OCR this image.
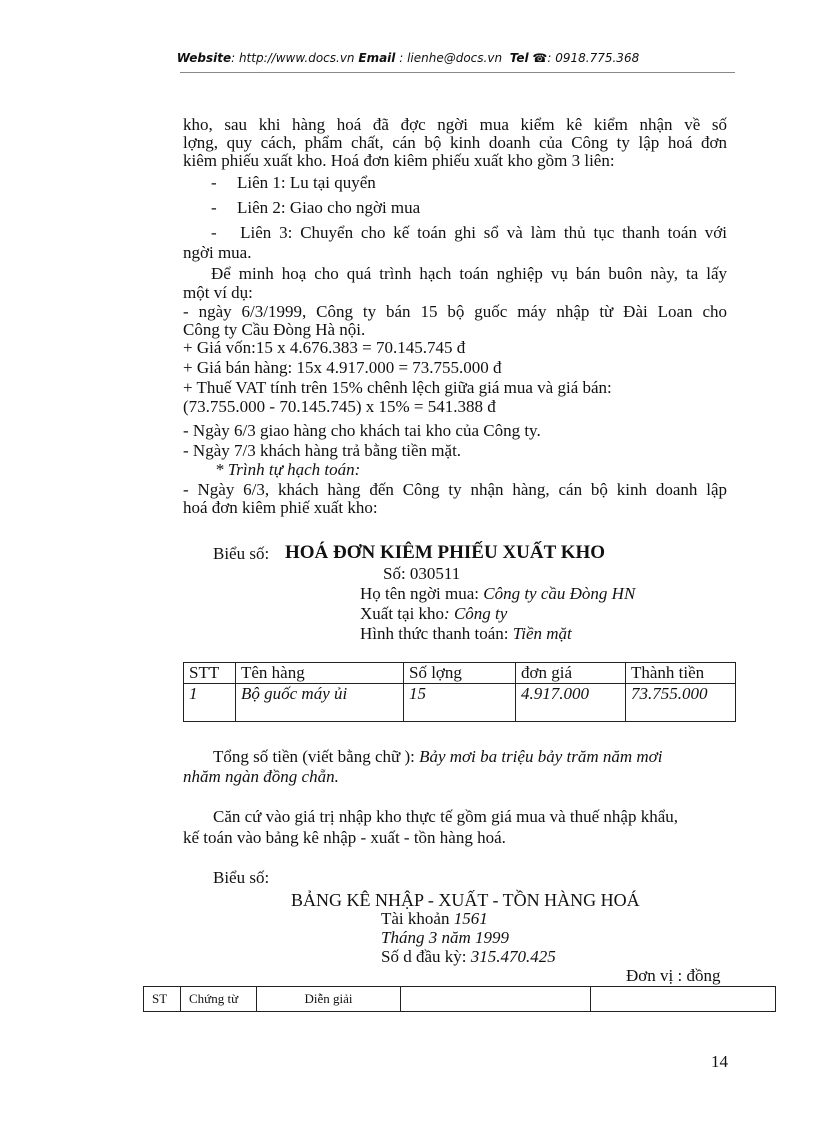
Website: http://www.docs.vn Email : lienhe@docs.vn Tel ☎: 0918.775.368
kho, sau khi hàng hoá đã đợc ngời mua kiểm kê kiểm nhận về số
lợng, quy cách, phẩm chất, cán bộ kinh doanh của Công ty lập hoá đơn
kiêm phiếu xuất kho. Hoá đơn kiêm phiếu xuất kho gồm 3 liên:
- Liên 1: Lu tại quyển
- Liên 2: Giao cho ngời mua
-   Liên 3: Chuyển cho kế toán ghi sổ và làm thủ tục thanh toán với
ngời mua.
Để minh hoạ cho quá trình hạch toán nghiệp vụ bán buôn này, ta lấy
một ví dụ:
- ngày 6/3/1999, Công ty bán 15 bộ guốc máy nhập từ Đài Loan cho
Công ty Cầu Đòng Hà nội.
+ Giá vốn:15 x 4.676.383 = 70.145.745 đ
+ Giá bán hàng: 15x 4.917.000 = 73.755.000 đ
+ Thuế VAT tính trên 15% chênh lệch giữa giá mua và giá bán:
(73.755.000 - 70.145.745) x 15% = 541.388 đ
- Ngày 6/3 giao hàng cho khách tai kho của Công ty.
- Ngày 7/3 khách hàng trả bằng tiền mặt.
* Trình tự hạch toán:
- Ngày 6/3, khách hàng đến Công ty nhận hàng, cán bộ kinh doanh lập
hoá đơn kiêm phiế xuất kho:
Biểu số: HOÁ ĐƠN KIÊM PHIẾU XUẤT KHO
Số: 030511
Họ tên ngời mua: Công ty cầu Đòng HN
Xuất tại kho: Công ty
Hình thức thanh toán: Tiền mặt
STT	Tên hàng	Số lợng	đơn giá	Thành tiền
1	Bộ guốc máy ủi	15	4.917.000	73.755.000
Tổng số tiền (viết bằng chữ ): Bảy mơi ba triệu bảy trăm năm mơi
nhăm ngàn đồng chẵn.
Căn cứ vào giá trị nhập kho thực tế gồm giá mua và thuế nhập khẩu,
kế toán vào bảng kê nhập - xuất - tồn hàng hoá.
Biểu số:
BẢNG KÊ NHẬP - XUẤT - TỒN HÀNG HOÁ
Tài khoản 1561
Tháng 3 năm 1999
Số d đầu kỳ: 315.470.425
Đơn vị : đồng
ST	Chứng từ	Diễn giải		
14
